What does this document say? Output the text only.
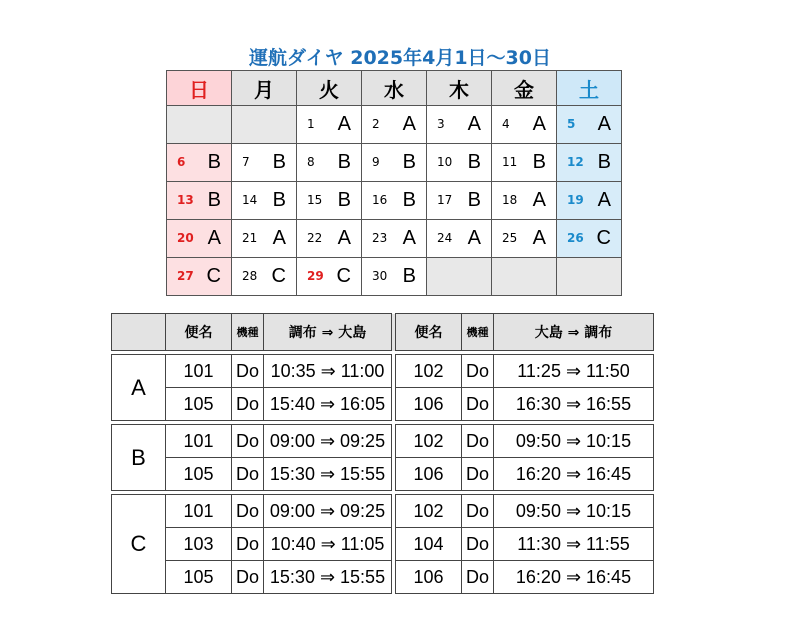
運航ダイヤ 2025年4月1日～30日
日	月	火	水	木	金	土

		1 A	2 A	3 A	4 A	5 A

6 B	7 B	8 B	9 B	10 B	11 B	12 B

13 B	14 B	15 B	16 B	17 B	18 A	19 A

20 A	21 A	22 A	23 A	24 A	25 A	26 C

27 C	28 C	29 C	30 B			

	便名	機種	調布 ⇒ 大島		便名	機種	大島 ⇒ 調布

A	101	Do	10:35 ⇒ 11:00		102	Do	11:25 ⇒ 11:50
	105	Do	15:40 ⇒ 16:05		106	Do	16:30 ⇒ 16:55

B	101	Do	09:00 ⇒ 09:25		102	Do	09:50 ⇒ 10:15
	105	Do	15:30 ⇒ 15:55		106	Do	16:20 ⇒ 16:45

C	101	Do	09:00 ⇒ 09:25		102	Do	09:50 ⇒ 10:15
	103	Do	10:40 ⇒ 11:05		104	Do	11:30 ⇒ 11:55
	105	Do	15:30 ⇒ 15:55		106	Do	16:20 ⇒ 16:45
